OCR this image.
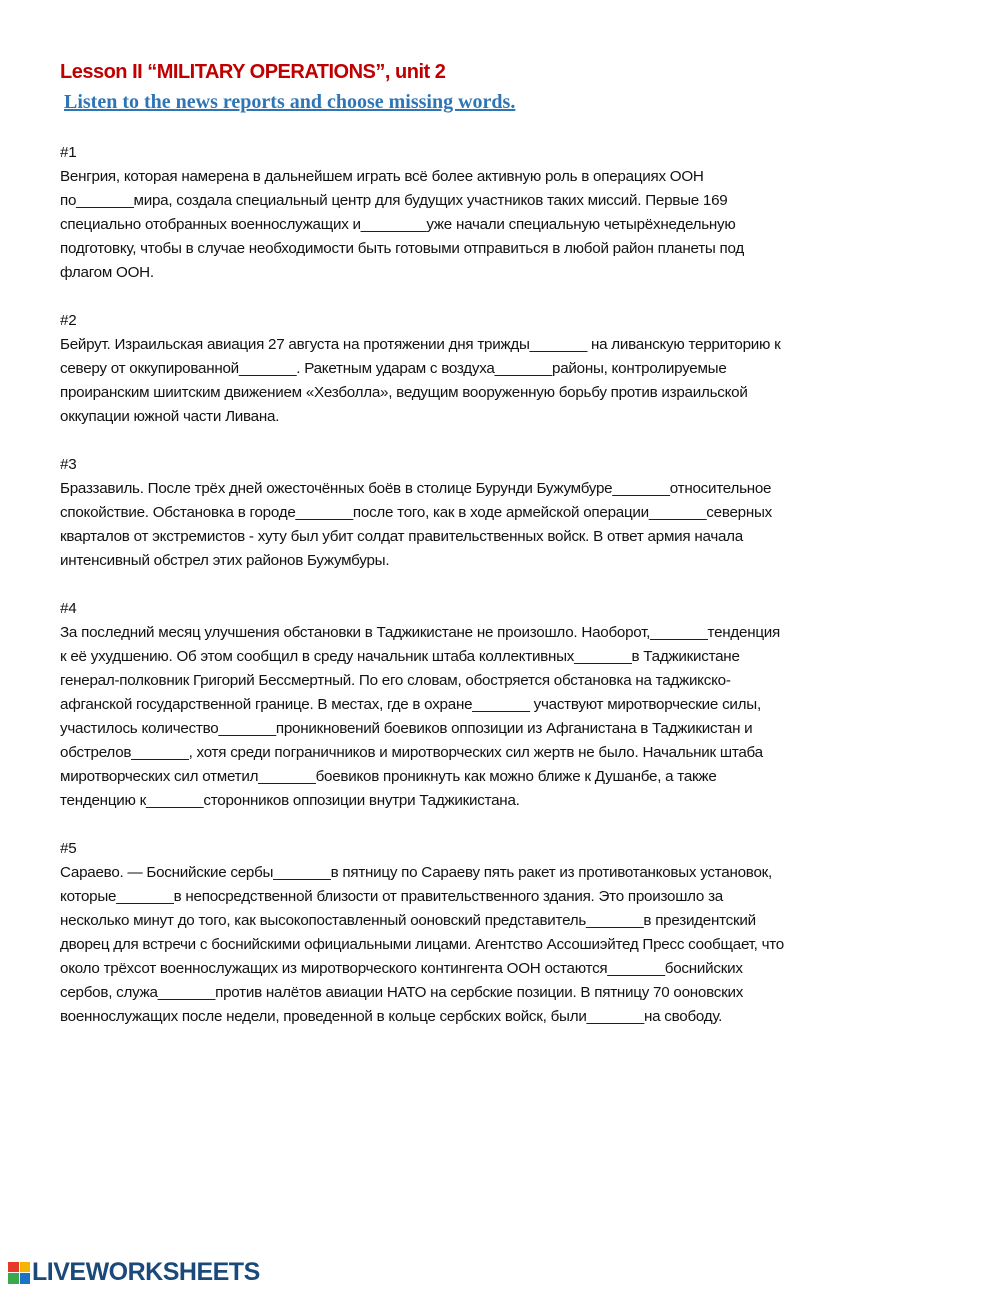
Lesson II “MILITARY OPERATIONS”, unit 2
Listen to the news reports and choose missing words.
#1
Венгрия, которая намерена в дальнейшем играть всё более активную роль в операциях ООН
по_______мира, создала специальный центр для будущих участников таких миссий. Первые 169
специально отобранных военнослужащих и________уже начали специальную четырёхнедельную
подготовку, чтобы в случае необходимости быть готовыми отправиться в любой район планеты под
флагом ООН.
#2
Бейрут. Израильская авиация 27 августа на протяжении дня трижды_______ на ливанскую территорию к
северу от оккупированной_______. Ракетным ударам с воздуха_______районы, контролируемые
проиранским шиитским движением «Хезболла», ведущим вооруженную борьбу против израильской
оккупации южной части Ливана.
#3
Браззавиль. После трёх дней ожесточённых боёв в столице Бурунди Бужумбуре_______относительное
спокойствие. Обстановка в городе_______после того, как в ходе армейской операции_______северных
кварталов от экстремистов - хуту был убит солдат правительственных войск. В ответ армия начала
интенсивный обстрел этих районов Бужумбуры.
#4
За последний месяц улучшения обстановки в Таджикистане не произошло. Наоборот,_______тенденция
к её ухудшению. Об этом сообщил в среду начальник штаба коллективных_______в Таджикистане
генерал-полковник Григорий Бессмертный. По его словам, обостряется обстановка на таджикско-
афганской государственной границе. В местах, где в охране_______ участвуют миротворческие силы,
участилось количество_______проникновений боевиков оппозиции из Афганистана в Таджикистан и
обстрелов_______, хотя среди пограничников и миротворческих сил жертв не было. Начальник штаба
миротворческих сил отметил_______боевиков проникнуть как можно ближе к Душанбе, а также
тенденцию к_______сторонников оппозиции внутри Таджикистана.
#5
Сараево. — Боснийские сербы_______в пятницу по Сараеву пять ракет из противотанковых установок,
которые_______в непосредственной близости от правительственного здания. Это произошло за
несколько минут до того, как высокопоставленный ооновский представитель_______в президентский
дворец для встречи с боснийскими официальными лицами. Агентство Ассошиэйтед Пресс сообщает, что
около трёхсот военнослужащих из миротворческого контингента ООН остаются_______боснийских
сербов, служа_______против налётов авиации НАТО на сербские позиции. В пятницу 70 ооновских
военнослужащих после недели, проведенной в кольце сербских войск, были_______на свободу.
LIVEWORKSHEETS
